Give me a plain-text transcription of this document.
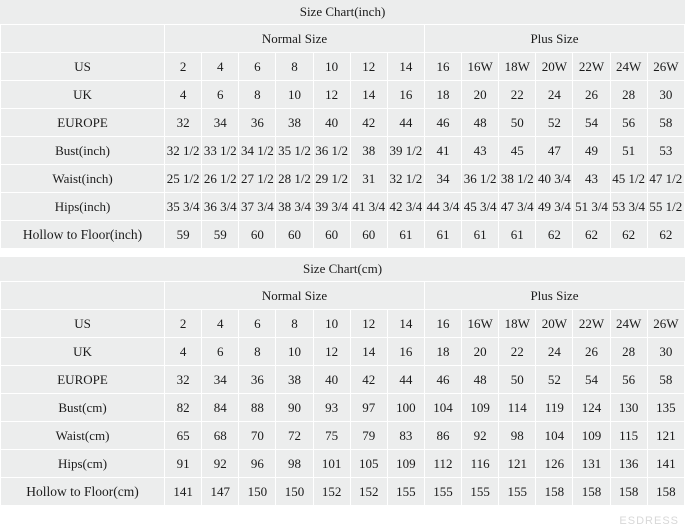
Size Chart(inch)														
	Normal Size							Plus Size						
US	2	4	6	8	10	12	14	16	16W	18W	20W	22W	24W	26W
UK	4	6	8	10	12	14	16	18	20	22	24	26	28	30
EUROPE	32	34	36	38	40	42	44	46	48	50	52	54	56	58
Bust(inch)	32 1/2	33 1/2	34 1/2	35 1/2	36 1/2	38	39 1/2	41	43	45	47	49	51	53
Waist(inch)	25 1/2	26 1/2	27 1/2	28 1/2	29 1/2	31	32 1/2	34	36 1/2	38 1/2	40 3/4	43	45 1/2	47 1/2
Hips(inch)	35 3/4	36 3/4	37 3/4	38 3/4	39 3/4	41 3/4	42 3/4	44 3/4	45 3/4	47 3/4	49 3/4	51 3/4	53 3/4	55 1/2
Hollow to Floor(inch)	59	59	60	60	60	60	61	61	61	61	62	62	62	62
Size Chart(cm)														
	Normal Size							Plus Size						
US	2	4	6	8	10	12	14	16	16W	18W	20W	22W	24W	26W
UK	4	6	8	10	12	14	16	18	20	22	24	26	28	30
EUROPE	32	34	36	38	40	42	44	46	48	50	52	54	56	58
Bust(cm)	82	84	88	90	93	97	100	104	109	114	119	124	130	135
Waist(cm)	65	68	70	72	75	79	83	86	92	98	104	109	115	121
Hips(cm)	91	92	96	98	101	105	109	112	116	121	126	131	136	141
Hollow to Floor(cm)	141	147	150	150	152	152	155	155	155	155	158	158	158	158
ESDRESS
